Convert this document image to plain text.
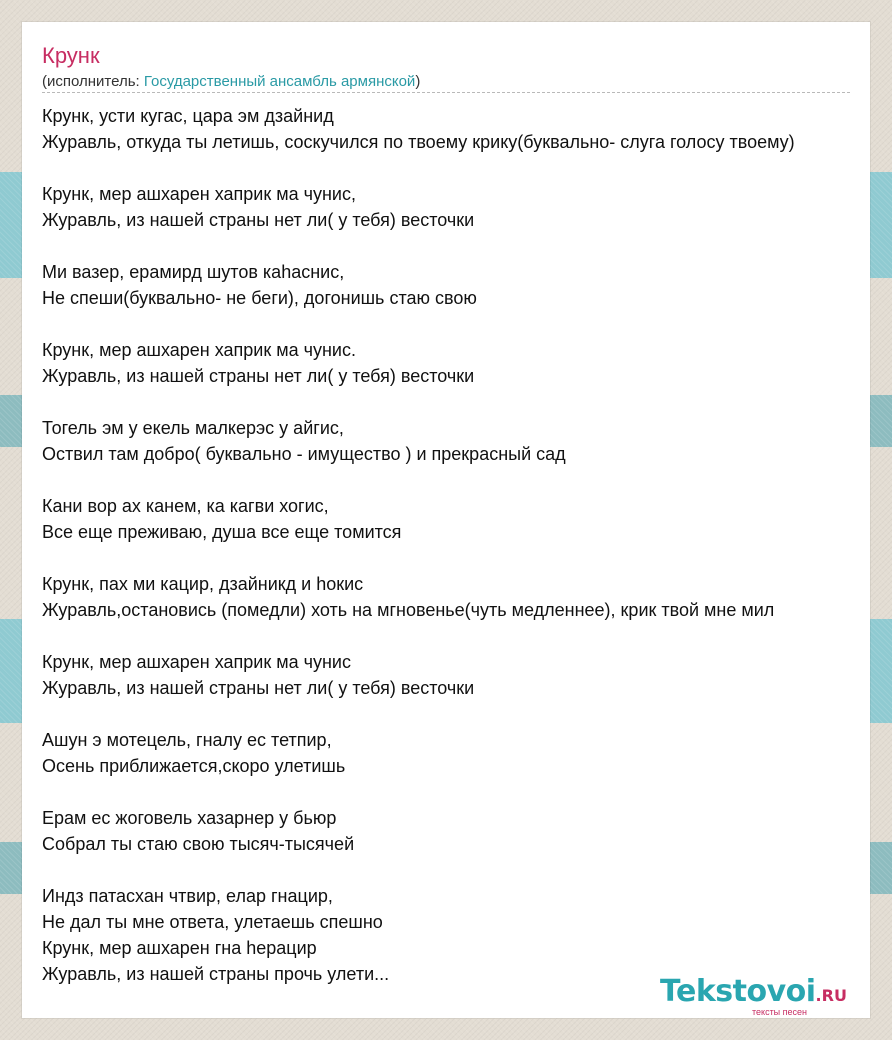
Крунк
(исполнитель: Государственный ансамбль армянской)
Крунк, усти кугас, цара эм дзайнид
Журавль, откуда ты летишь, соскучился по твоему крику(буквально- слуга голосу твоему)
Крунк, мер ашхарен хаприк ма чунис,
Журавль, из нашей страны нет ли( у тебя) весточки
Ми вазер, ерамирд шутов каhаснис,
Не спеши(буквально- не беги), догонишь стаю свою
Крунк, мер ашхарен хаприк ма чунис.
Журавль, из нашей страны нет ли( у тебя) весточки
Тогель эм у екель малкерэс у айгис,
Оствил там добро( буквально - имущество ) и прекрасный сад
Кани вор ах канем, ка кагви хогис,
Все еще преживаю, душа все еще томится
Крунк, пах ми кацир, дзайникд и hокис
Журавль,остановись (помедли) хоть на мгновенье(чуть медленнее), крик твой мне мил
Крунк, мер ашхарен хаприк ма чунис
Журавль, из нашей страны нет ли( у тебя) весточки
Ашун э мотецель, гналу ес тетпир,
Осень приближается,скоро улетишь
Ерам ес жоговель хазарнер у бьюр
Собрал ты стаю свою тысяч-тысячей
Индз патасхан чтвир, елар гнацир,
Не дал ты мне ответа, улетаешь спешно
Крунк, мер ашхарен гна hерацир
Журавль, из нашей страны прочь улети...	Tekstovoi.RU
тексты песен
